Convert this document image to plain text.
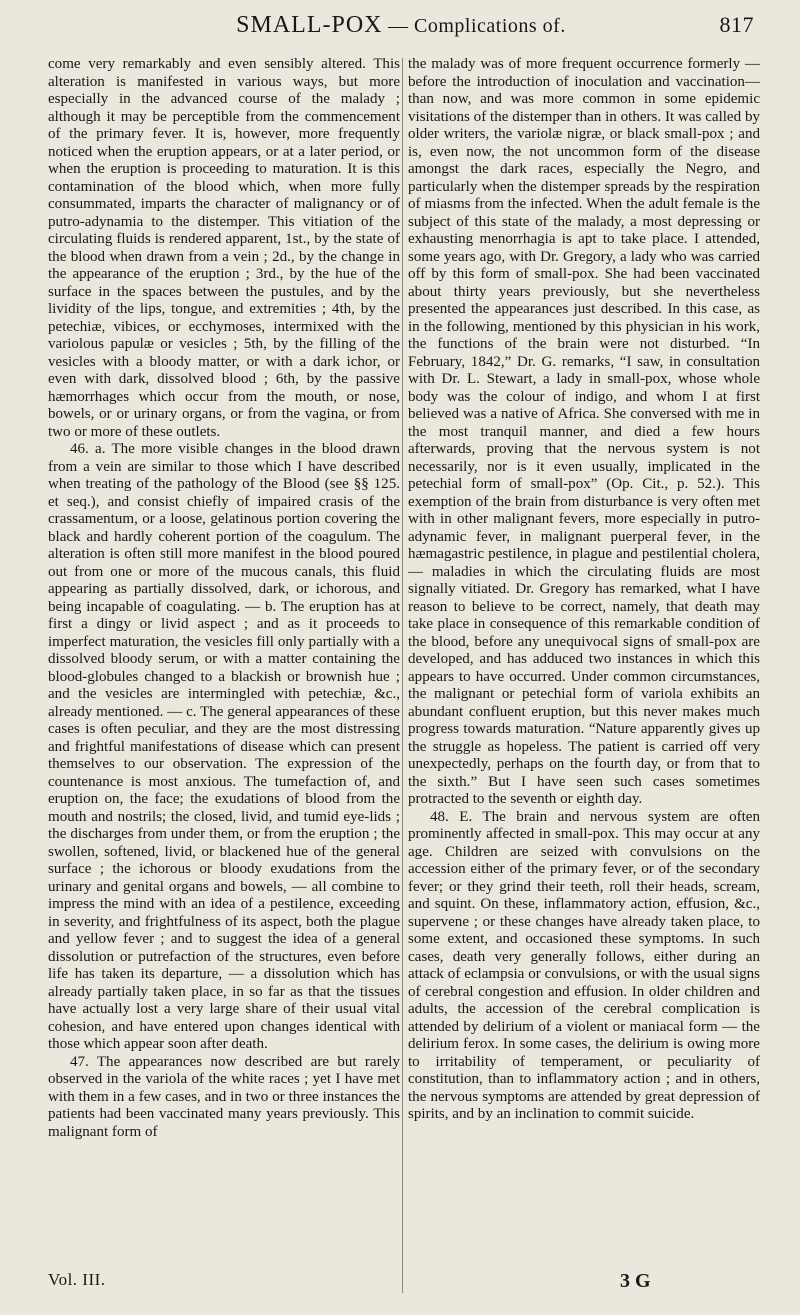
SMALL-POX — Complications of.	817

come very remarkably and even sensibly altered. This alteration is manifested in various ways, but more especially in the advanced course of the malady ; although it may be perceptible from the commencement of the primary fever. It is, however, more frequently noticed when the eruption appears, or at a later period, or when the eruption is proceeding to maturation. It is this contamination of the blood which, when more fully consummated, imparts the character of malignancy or of putro-adynamia to the distemper. This vitiation of the circulating fluids is rendered apparent, 1st., by the state of the blood when drawn from a vein ; 2d., by the change in the appearance of the eruption ; 3rd., by the hue of the surface in the spaces between the pustules, and by the lividity of the lips, tongue, and extremities ; 4th, by the petechiæ, vibices, or ecchymoses, intermixed with the variolous papulæ or vesicles ; 5th, by the filling of the vesicles with a bloody matter, or with a dark ichor, or even with dark, dissolved blood ; 6th, by the passive hæmorrhages which occur from the mouth, or nose, bowels, or or urinary organs, or from the vagina, or from two or more of these outlets.

46. a. The more visible changes in the blood drawn from a vein are similar to those which I have described when treating of the pathology of the Blood (see §§ 125. et seq.), and consist chiefly of impaired crasis of the crassamentum, or a loose, gelatinous portion covering the black and hardly coherent portion of the coagulum. The alteration is often still more manifest in the blood poured out from one or more of the mucous canals, this fluid appearing as partially dissolved, dark, or ichorous, and being incapable of coagulating. — b. The eruption has at first a dingy or livid aspect ; and as it proceeds to imperfect maturation, the vesicles fill only partially with a dissolved bloody serum, or with a matter containing the blood-globules changed to a blackish or brownish hue ; and the vesicles are intermingled with petechiæ, &c., already mentioned. — c. The general appearances of these cases is often peculiar, and they are the most distressing and frightful manifestations of disease which can present themselves to our observation. The expression of the countenance is most anxious. The tumefaction of, and eruption on, the face; the exudations of blood from the mouth and nostrils; the closed, livid, and tumid eye-lids ; the discharges from under them, or from the eruption ; the swollen, softened, livid, or blackened hue of the general surface ; the ichorous or bloody exudations from the urinary and genital organs and bowels, — all combine to impress the mind with an idea of a pestilence, exceeding in severity, and frightfulness of its aspect, both the plague and yellow fever ; and to suggest the idea of a general dissolution or putrefaction of the structures, even before life has taken its departure, — a dissolution which has already partially taken place, in so far as that the tissues have actually lost a very large share of their usual vital cohesion, and have entered upon changes identical with those which appear soon after death.

47. The appearances now described are but rarely observed in the variola of the white races ; yet I have met with them in a few cases, and in two or three instances the patients had been vaccinated many years previously. This malignant form of

the malady was of more frequent occurrence formerly — before the introduction of inoculation and vaccination—than now, and was more common in some epidemic visitations of the distemper than in others. It was called by older writers, the variolæ nigræ, or black small-pox ; and is, even now, the not uncommon form of the disease amongst the dark races, especially the Negro, and particularly when the distemper spreads by the respiration of miasms from the infected. When the adult female is the subject of this state of the malady, a most depressing or exhausting menorrhagia is apt to take place. I attended, some years ago, with Dr. Gregory, a lady who was carried off by this form of small-pox. She had been vaccinated about thirty years previously, but she nevertheless presented the appearances just described. In this case, as in the following, mentioned by this physician in his work, the functions of the brain were not disturbed. “In February, 1842,” Dr. G. remarks, “I saw, in consultation with Dr. L. Stewart, a lady in small-pox, whose whole body was the colour of indigo, and whom I at first believed was a native of Africa. She conversed with me in the most tranquil manner, and died a few hours afterwards, proving that the nervous system is not necessarily, nor is it even usually, implicated in the petechial form of small-pox” (Op. Cit., p. 52.). This exemption of the brain from disturbance is very often met with in other malignant fevers, more especially in putro-adynamic fever, in malignant puerperal fever, in the hæmagastric pestilence, in plague and pestilential cholera, — maladies in which the circulating fluids are most signally vitiated. Dr. Gregory has remarked, what I have reason to believe to be correct, namely, that death may take place in consequence of this remarkable condition of the blood, before any unequivocal signs of small-pox are developed, and has adduced two instances in which this appears to have occurred. Under common circumstances, the malignant or petechial form of variola exhibits an abundant confluent eruption, but this never makes much progress towards maturation. “Nature apparently gives up the struggle as hopeless. The patient is carried off very unexpectedly, perhaps on the fourth day, or from that to the sixth.” But I have seen such cases sometimes protracted to the seventh or eighth day.

48. E. The brain and nervous system are often prominently affected in small-pox. This may occur at any age. Children are seized with convulsions on the accession either of the primary fever, or of the secondary fever; or they grind their teeth, roll their heads, scream, and squint. On these, inflammatory action, effusion, &c., supervene ; or these changes have already taken place, to some extent, and occasioned these symptoms. In such cases, death very generally follows, either during an attack of eclampsia or convulsions, or with the usual signs of cerebral congestion and effusion. In older children and adults, the accession of the cerebral complication is attended by delirium of a violent or maniacal form — the delirium ferox. In some cases, the delirium is owing more to irritability of temperament, or peculiarity of constitution, than to inflammatory action ; and in others, the nervous symptoms are attended by great depression of spirits, and by an inclination to commit suicide.

Vol. III.	3 G
